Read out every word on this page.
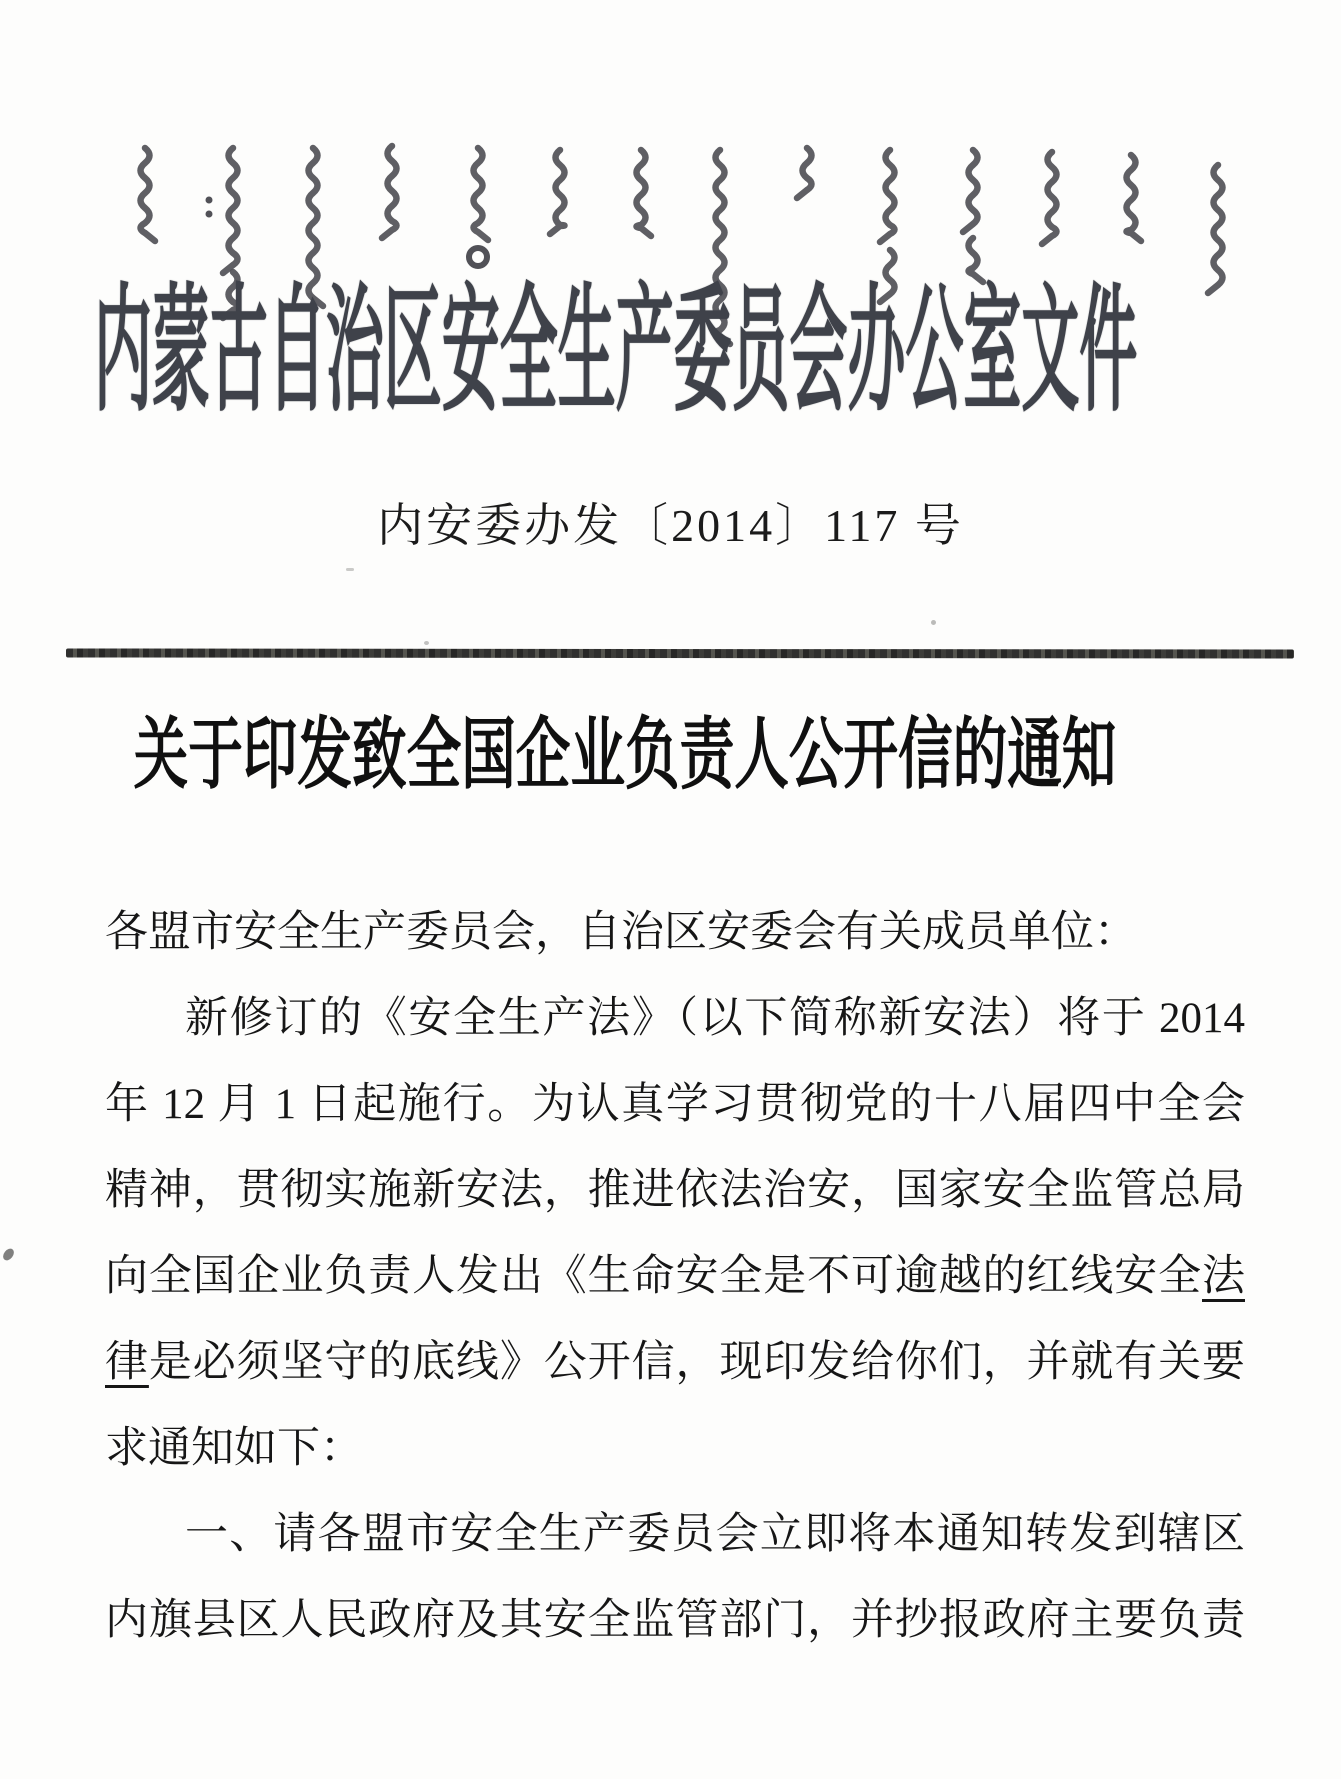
内蒙古自治区安全生产委员会办公室文件
内安委办发〔2014〕117 号
关于印发致全国企业负责人公开信的通知
各盟市安全生产委员会，自治区安委会有关成员单位：
新修订的《安全生产法》（以下简称新安法）将于 2014
年 12 月 1 日起施行。为认真学习贯彻党的十八届四中全会
精神，贯彻实施新安法，推进依法治安，国家安全监管总局
向全国企业负责人发出《生命安全是不可逾越的红线安全法
律是必须坚守的底线》公开信，现印发给你们，并就有关要
求通知如下：
一、请各盟市安全生产委员会立即将本通知转发到辖区
内旗县区人民政府及其安全监管部门，并抄报政府主要负责
